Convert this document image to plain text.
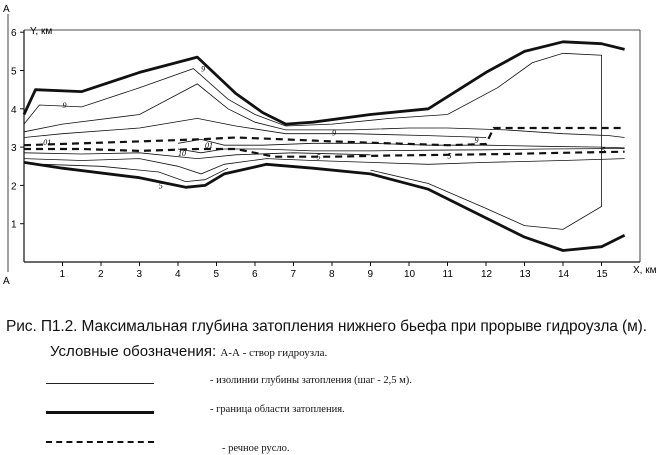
A
A
Y, км
X, км
1
2
3
4
5
6
1	2	3	4	5	6	7	8	9	10	11	12	13	14	15
9
9
01	01
9
9
10	5	5
5
5
Рис. П1.2. Максимальная глубина затопления нижнего бьефа при прорыве гидроузла (м).
Условные обозначения: А-А - створ гидроузла.
- изолинии глубины затопления (шаг - 2,5 м).
- граница области затопления.
- речное русло.
